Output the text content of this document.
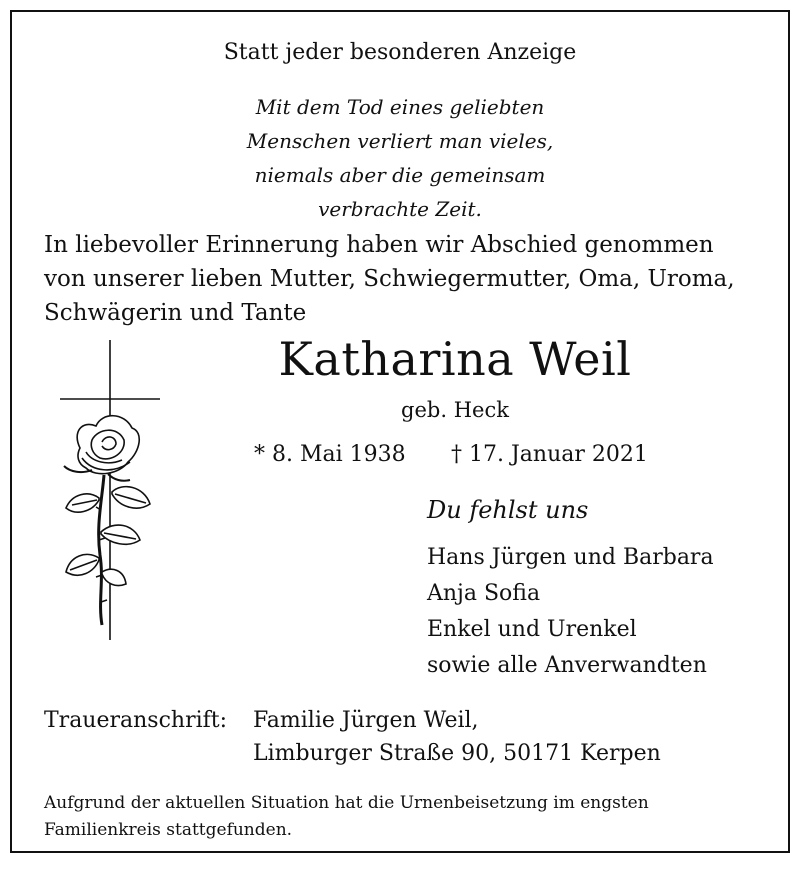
Statt jeder besonderen Anzeige
Mit dem Tod eines geliebten
Menschen verliert man vieles,
niemals aber die gemeinsam
verbrachte Zeit.
In liebevoller Erinnerung haben wir Abschied genommen
von unserer lieben Mutter, Schwiegermutter, Oma, Uroma,
Schwägerin und Tante
Katharina Weil
geb. Heck
* 8. Mai 1938 † 17. Januar 2021
Du fehlst uns
Hans Jürgen und Barbara
Anja Sofia
Enkel und Urenkel
sowie alle Anverwandten
Traueranschrift: Familie Jürgen Weil,
Limburger Straße 90, 50171 Kerpen
Aufgrund der aktuellen Situation hat die Urnenbeisetzung im engsten
Familienkreis stattgefunden.
